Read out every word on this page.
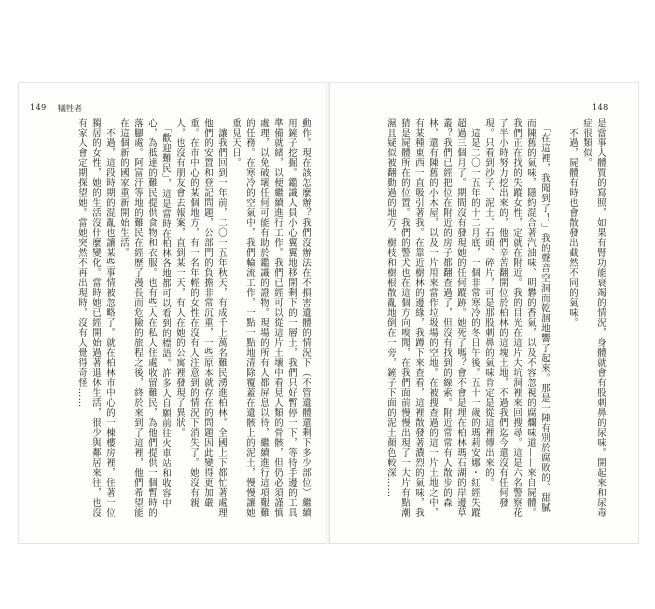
149 犠牲者	148
是當事人體質的寫照，如果有腎功能衰竭的情況，身體就會有股刺鼻的尿味。開起來和尿毒症很類似。
　不過，屍體有時也會散發出截然不同的氣味。

　「在這裡，我聞到了！」我的聲音空洞而乾涸地響了起來。那是一陣有別於腐敗的、甜膩而陳舊的氣味，隱約混合著汽油味、明礬的香氣，以及不容忽視的腐爛味道——來自屍體。我們正在找的失蹤女性，定就在附近。我的目光在這片大坑洞裡來回搜尋。這是六名警察花了半小時努力挖出來的，他們辛苦翻開位於柏林的這塊土地，不過我們迄今還沒有任何發現。只看到沙子、泥土、石頭、碎片，可是那股刺鼻的氣味肯定是從這裡傳出來的。
　這是二〇一五年的十二月底，一個非常寒冷的冬日午後。五十一歲的瑪莉安娜・紅經失蹤超過三個月了。期間沒有發現她的任何蹤跡。她死了嗎？會不會是埋在柏林瑪石湖的岸邊草叢？我們已經把位在附近的房子都翻查過了，但沒有找到的線索。附近常常有人散步的森林，還有陳舊的小木屋，以及一片用來當作垃圾場的空地。在被搜查過的這一片土地之中，有某種東西一直吸引著我。在靠近樹林的邊緣，我蹲下來查看，這裡散發著濃烈的氣味，我猜是屍體所在的位置。我們的警犬也在這個方向嗅聞，在我們面前慢慢出現了一大片有點潮濕且疑似被翻動過的地方，樹枝和樹根散亂地倒在一旁，鏟子下面的泥土顏色較深……
動作。現在該怎麼辦？我們沒辦法在不損害遺體的情況下（不管遺體還剩下多少部位）繼續用鏟子挖掘。鑑識人員小心翼翼地移開剩下的一層土，我們只好暫停一下，等待手邊的工具準備就緒，以便繼續進行工作。我們已經可以從這片土壤中看見人類的骨骸，但仍必須謹慎處理，以免破壞任何可能有助於鑑識的證物。現場的所有人都屏息以待，繼續進行這項艱難的任務。在寒冷的空氣中，我們輪流工作，一點一點地清除覆蓋在遺骸上的泥土，慢慢讓她重見天日。
　讓我們回到一年前，二〇一五年秋天，有成千上萬名難民湧進柏林。全國上下都忙著處理他們的安置和登記問題，公部門的負擔非常沉重，一些原本就存在的問題因此變得更加嚴重。在市中心的某個地方，有一名年輕的女性在沒有人注意到的情況下消失了。她沒有親人，也沒有朋友會去報案，直到某一天，有人在她的公寓裡發現了異狀。
　「歡迎難民」，這是當時在柏林各地都可以看到的標語。許多人自願前往火車站和收容中心，為抵達的難民提供食物和衣服。也有些人在私人住處收留難民，為他們提供一個暫時的落腳處。阿富汗等地的難民在經歷了漫長而危險的旅程之後，終於來到了這裡，他們希望能在這個新的國家重新開始生活。
　不過，這段時期的混亂也讓某些事情被忽略了。就在柏林市中心的一棟樓房裡，住著一位獨居的女性，她的生活沒什麼變化。當時她已經開始過著退休生活，很少與鄰居來往，也沒有家人會定期探望她。當她突然不再出現時，沒有人覺得奇怪……
